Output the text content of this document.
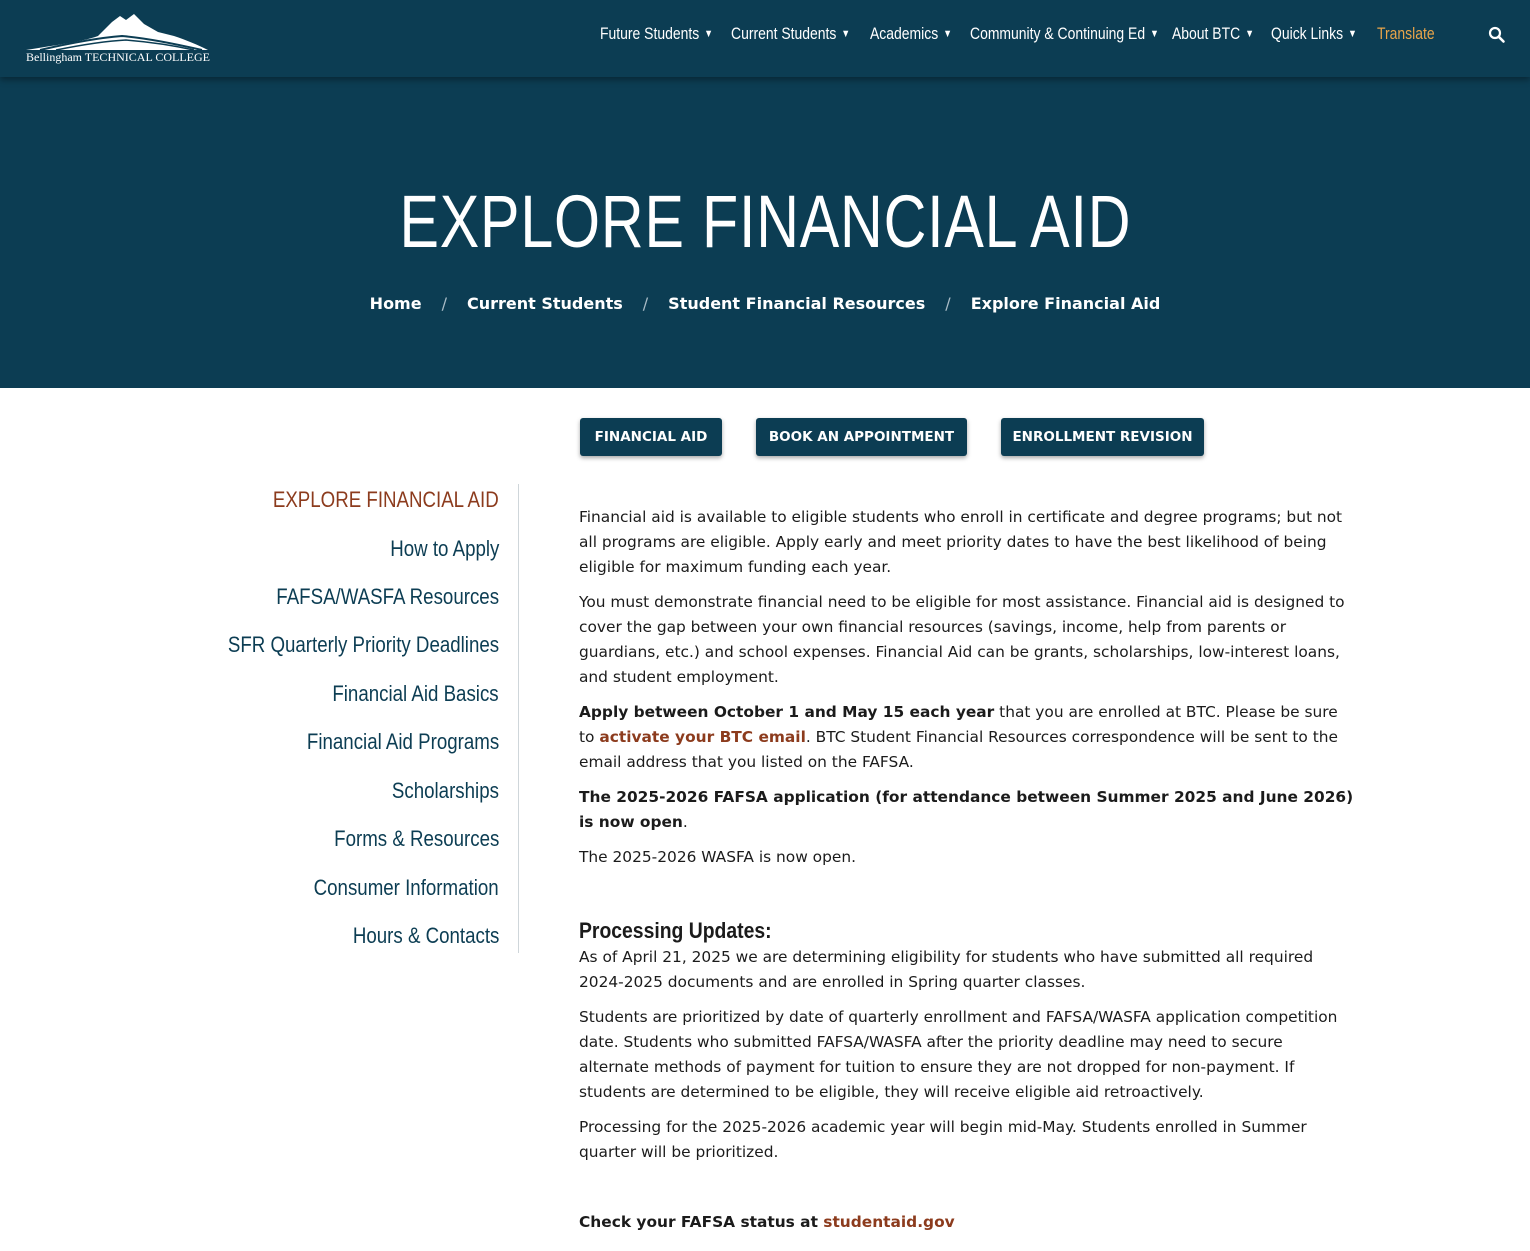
Bellingham TECHNICAL COLLEGE
Future Students ▼ Current Students ▼ Academics ▼ Community & Continuing Ed ▼ About BTC ▼ Quick Links ▼ Translate
EXPLORE FINANCIAL AID
Home / Current Students / Student Financial Resources / Explore Financial Aid
FINANCIAL AID	BOOK AN APPOINTMENT	ENROLLMENT REVISION
EXPLORE FINANCIAL AID
How to Apply
FAFSA/WASFA Resources
SFR Quarterly Priority Deadlines
Financial Aid Basics
Financial Aid Programs
Scholarships
Forms & Resources
Consumer Information
Hours & Contacts

Financial aid is available to eligible students who enroll in certificate and degree programs; but not all programs are eligible. Apply early and meet priority dates to have the best likelihood of being eligible for maximum funding each year.

You must demonstrate financial need to be eligible for most assistance. Financial aid is designed to cover the gap between your own financial resources (savings, income, help from parents or guardians, etc.) and school expenses. Financial Aid can be grants, scholarships, low-interest loans, and student employment.

Apply between October 1 and May 15 each year that you are enrolled at BTC. Please be sure to activate your BTC email. BTC Student Financial Resources correspondence will be sent to the email address that you listed on the FAFSA.

The 2025-2026 FAFSA application (for attendance between Summer 2025 and June 2026) is now open.

The 2025-2026 WASFA is now open.

Processing Updates:

As of April 21, 2025 we are determining eligibility for students who have submitted all required 2024-2025 documents and are enrolled in Spring quarter classes.

Students are prioritized by date of quarterly enrollment and FAFSA/WASFA application competition date. Students who submitted FAFSA/WASFA after the priority deadline may need to secure alternate methods of payment for tuition to ensure they are not dropped for non-payment. If students are determined to be eligible, they will receive eligible aid retroactively.

Processing for the 2025-2026 academic year will begin mid-May. Students enrolled in Summer quarter will be prioritized.

Check your FAFSA status at studentaid.gov
